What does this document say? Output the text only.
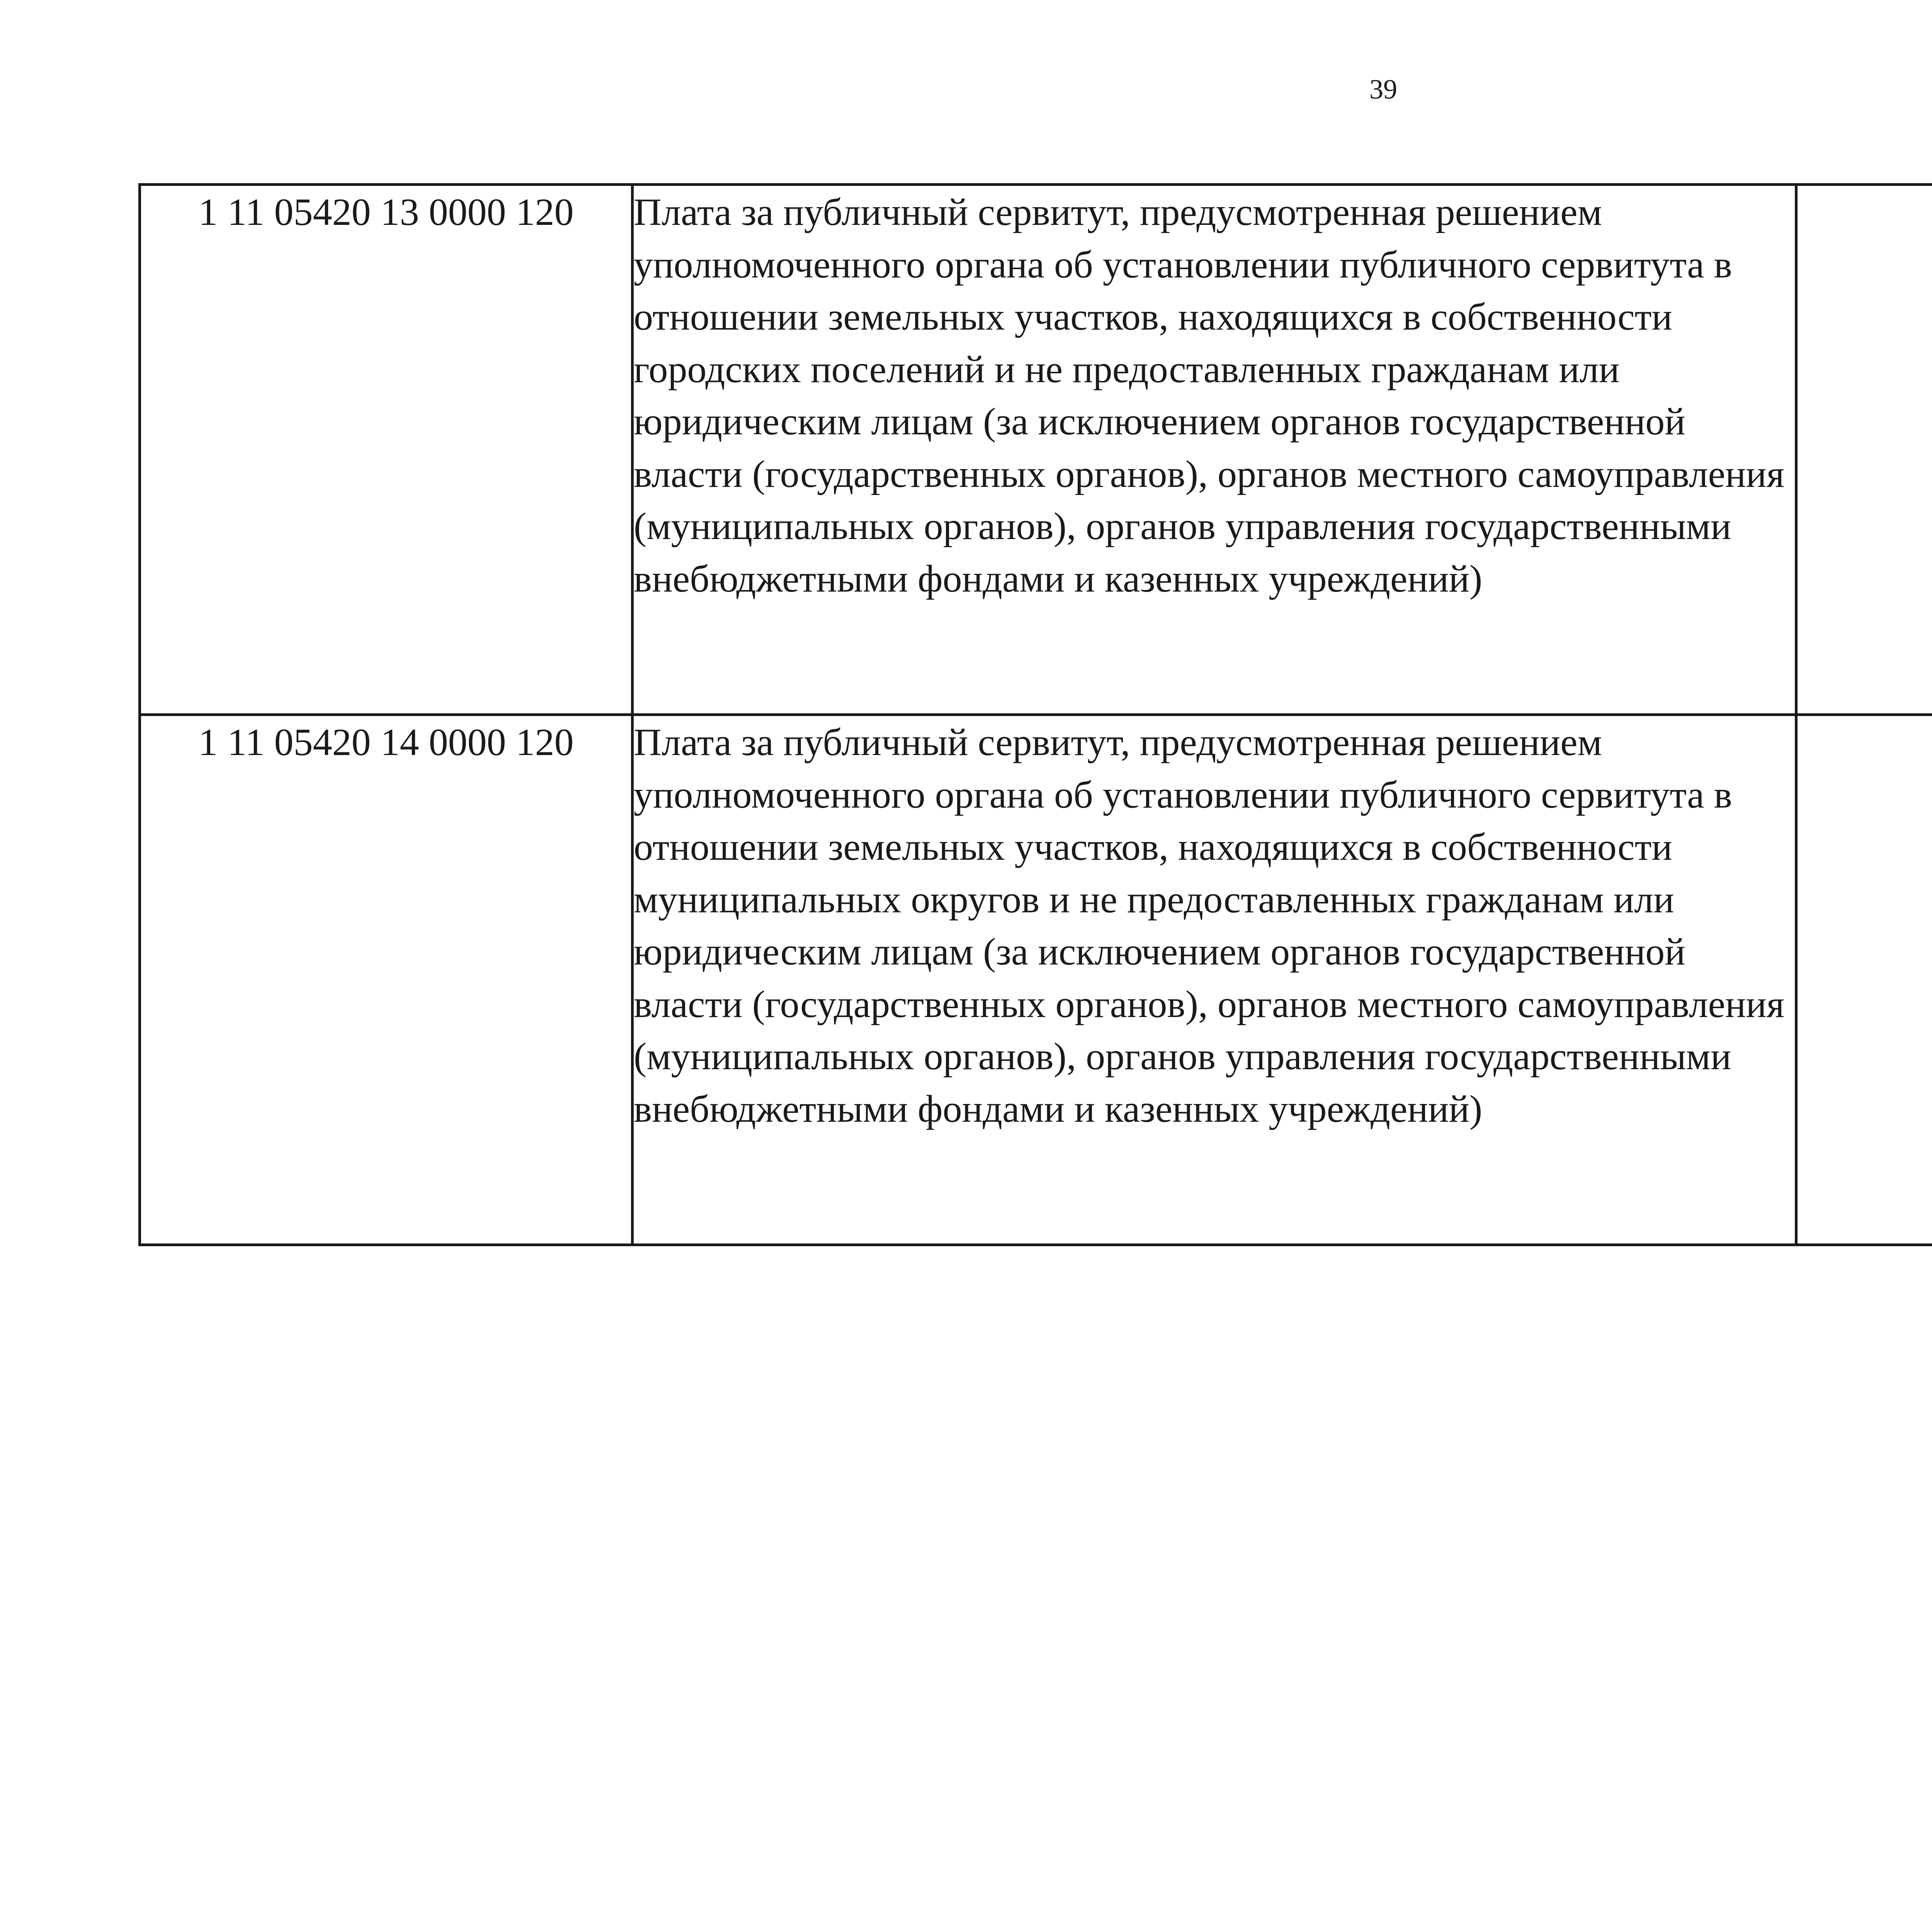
39
1 11 05420 13 0000 120	Плата за публичный сервитут, предусмотренная решением уполномоченного органа об установлении публичного сервитута в отношении земельных участков, находящихся в собственности городских поселений и не предоставленных гражданам или юридическим лицам (за исключением органов государственной власти (государственных органов), органов местного самоуправления (муниципальных органов), органов управления государственными внебюджетными фондами и казенных учреждений)					
1 11 05420 14 0000 120	Плата за публичный сервитут, предусмотренная решением уполномоченного органа об установлении публичного сервитута в отношении земельных участков, находящихся в собственности муниципальных округов и не предоставленных гражданам или юридическим лицам (за исключением органов государственной власти (государственных органов), органов местного самоуправления (муниципальных органов), органов управления государственными внебюджетными фондами и казенных учреждений)					
